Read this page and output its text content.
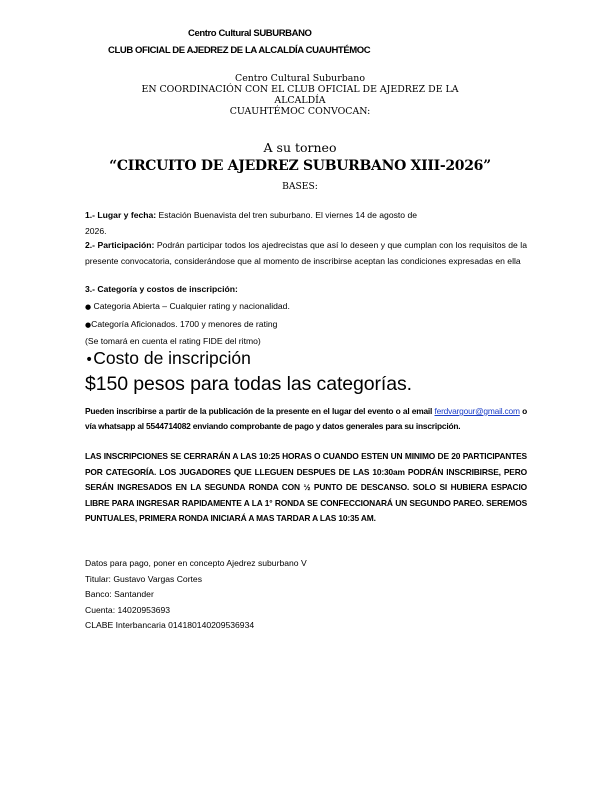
Centro Cultural SUBURBANO
CLUB OFICIAL DE AJEDREZ DE LA ALCALDÍA CUAUHTÉMOC
Centro Cultural Suburbano
EN COORDINACIÓN CON EL CLUB OFICIAL DE AJEDREZ DE LA
ALCALDÍA
CUAUHTÉMOC CONVOCAN:
A su torneo
“CIRCUITO DE AJEDREZ SUBURBANO XIII-2026”
BASES:
1.- Lugar y fecha: Estación Buenavista del tren suburbano. El viernes 14 de agosto de
2026.
2.- Participación: Podrán participar todos los ajedrecistas que así lo deseen y que cumplan con los requisitos de la presente convocatoria, considerándose que al momento de inscribirse aceptan las condiciones expresadas en ella
3.- Categoría y costos de inscripción:
● Categoria Abierta – Cualquier rating y nacionalidad.
●Categoría Aficionados. 1700 y menores de rating
(Se tomará en cuenta el rating FIDE del ritmo)
•Costo de inscripción
$150 pesos para todas las categorías.
Pueden inscribirse a partir de la publicación de la presente en el lugar del evento o al email ferdvargour@gmail.com o vía whatsapp al 5544714082 enviando comprobante de pago y datos generales para su inscripción.
LAS INSCRIPCIONES SE CERRARÁN A LAS 10:25 HORAS O CUANDO ESTEN UN MINIMO DE 20 PARTICIPANTES POR CATEGORÍA. LOS JUGADORES QUE LLEGUEN DESPUES DE LAS 10:30am PODRÁN INSCRIBIRSE, PERO SERÁN INGRESADOS EN LA SEGUNDA RONDA CON ½ PUNTO DE DESCANSO. SOLO SI HUBIERA ESPACIO LIBRE PARA INGRESAR RAPIDAMENTE A LA 1° RONDA SE CONFECCIONARÁ UN SEGUNDO PAREO. SEREMOS PUNTUALES, PRIMERA RONDA INICIARÁ A MAS TARDAR A LAS 10:35 AM.
Datos para pago, poner en concepto Ajedrez suburbano V
Titular: Gustavo Vargas Cortes
Banco: Santander
Cuenta: 14020953693
CLABE Interbancaria 014180140209536934
